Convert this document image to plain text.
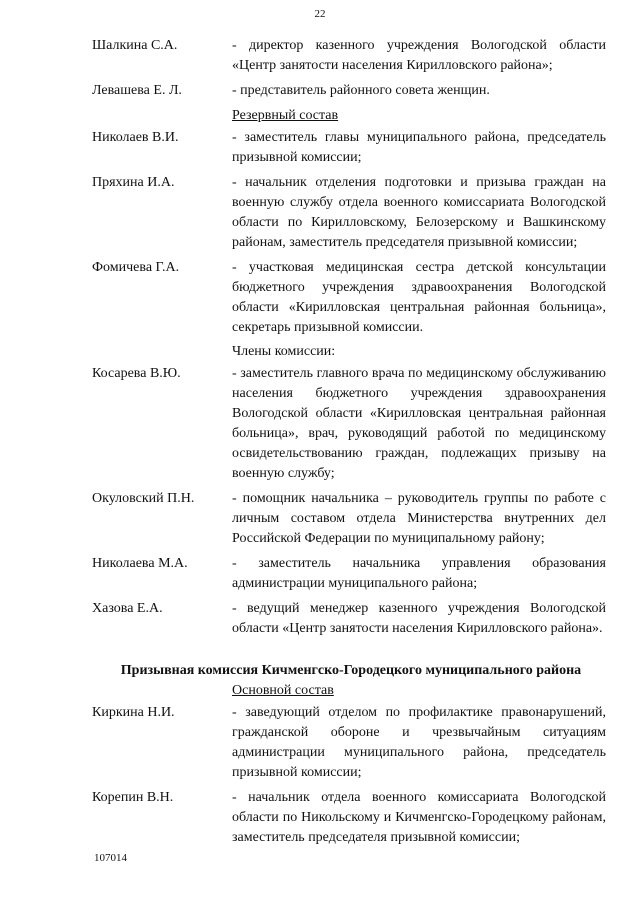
22
Шалкина С.А.	- директор казенного учреждения Вологодской области «Центр занятости населения Кирилловского района»;
Левашева Е. Л.	- представитель районного совета женщин.
Резервный состав
Николаев В.И.	- заместитель главы муниципального района, председатель призывной комиссии;
Пряхина И.А.	- начальник отделения подготовки и призыва граждан на военную службу отдела военного комиссариата Вологодской области по Кирилловскому, Белозерскому и Вашкинскому районам, заместитель председателя призывной комиссии;
Фомичева Г.А.	- участковая медицинская сестра детской консультации бюджетного учреждения здравоохранения Вологодской области «Кирилловская центральная районная больница», секретарь призывной комиссии.
Члены комиссии:
Косарева В.Ю.	- заместитель главного врача по медицинскому обслуживанию населения бюджетного учреждения здравоохранения Вологодской области «Кирилловская центральная районная больница», врач, руководящий работой по медицинскому освидетельствованию граждан, подлежащих призыву на военную службу;
Окуловский П.Н.	- помощник начальника – руководитель группы по работе с личным составом отдела Министерства внутренних дел Российской Федерации по муниципальному району;
Николаева М.А.	- заместитель начальника управления образования администрации муниципального района;
Хазова Е.А.	- ведущий менеджер казенного учреждения Вологодской области «Центр занятости населения Кирилловского района».
Призывная комиссия Кичменгско-Городецкого муниципального района
Основной состав
Киркина Н.И.	- заведующий отделом по профилактике правонарушений, гражданской обороне и чрезвычайным ситуациям администрации муниципального района, председатель призывной комиссии;
Корепин В.Н.	- начальник отдела военного комиссариата Вологодской области по Никольскому и Кичменгско-Городецкому районам, заместитель председателя призывной комиссии;
107014
